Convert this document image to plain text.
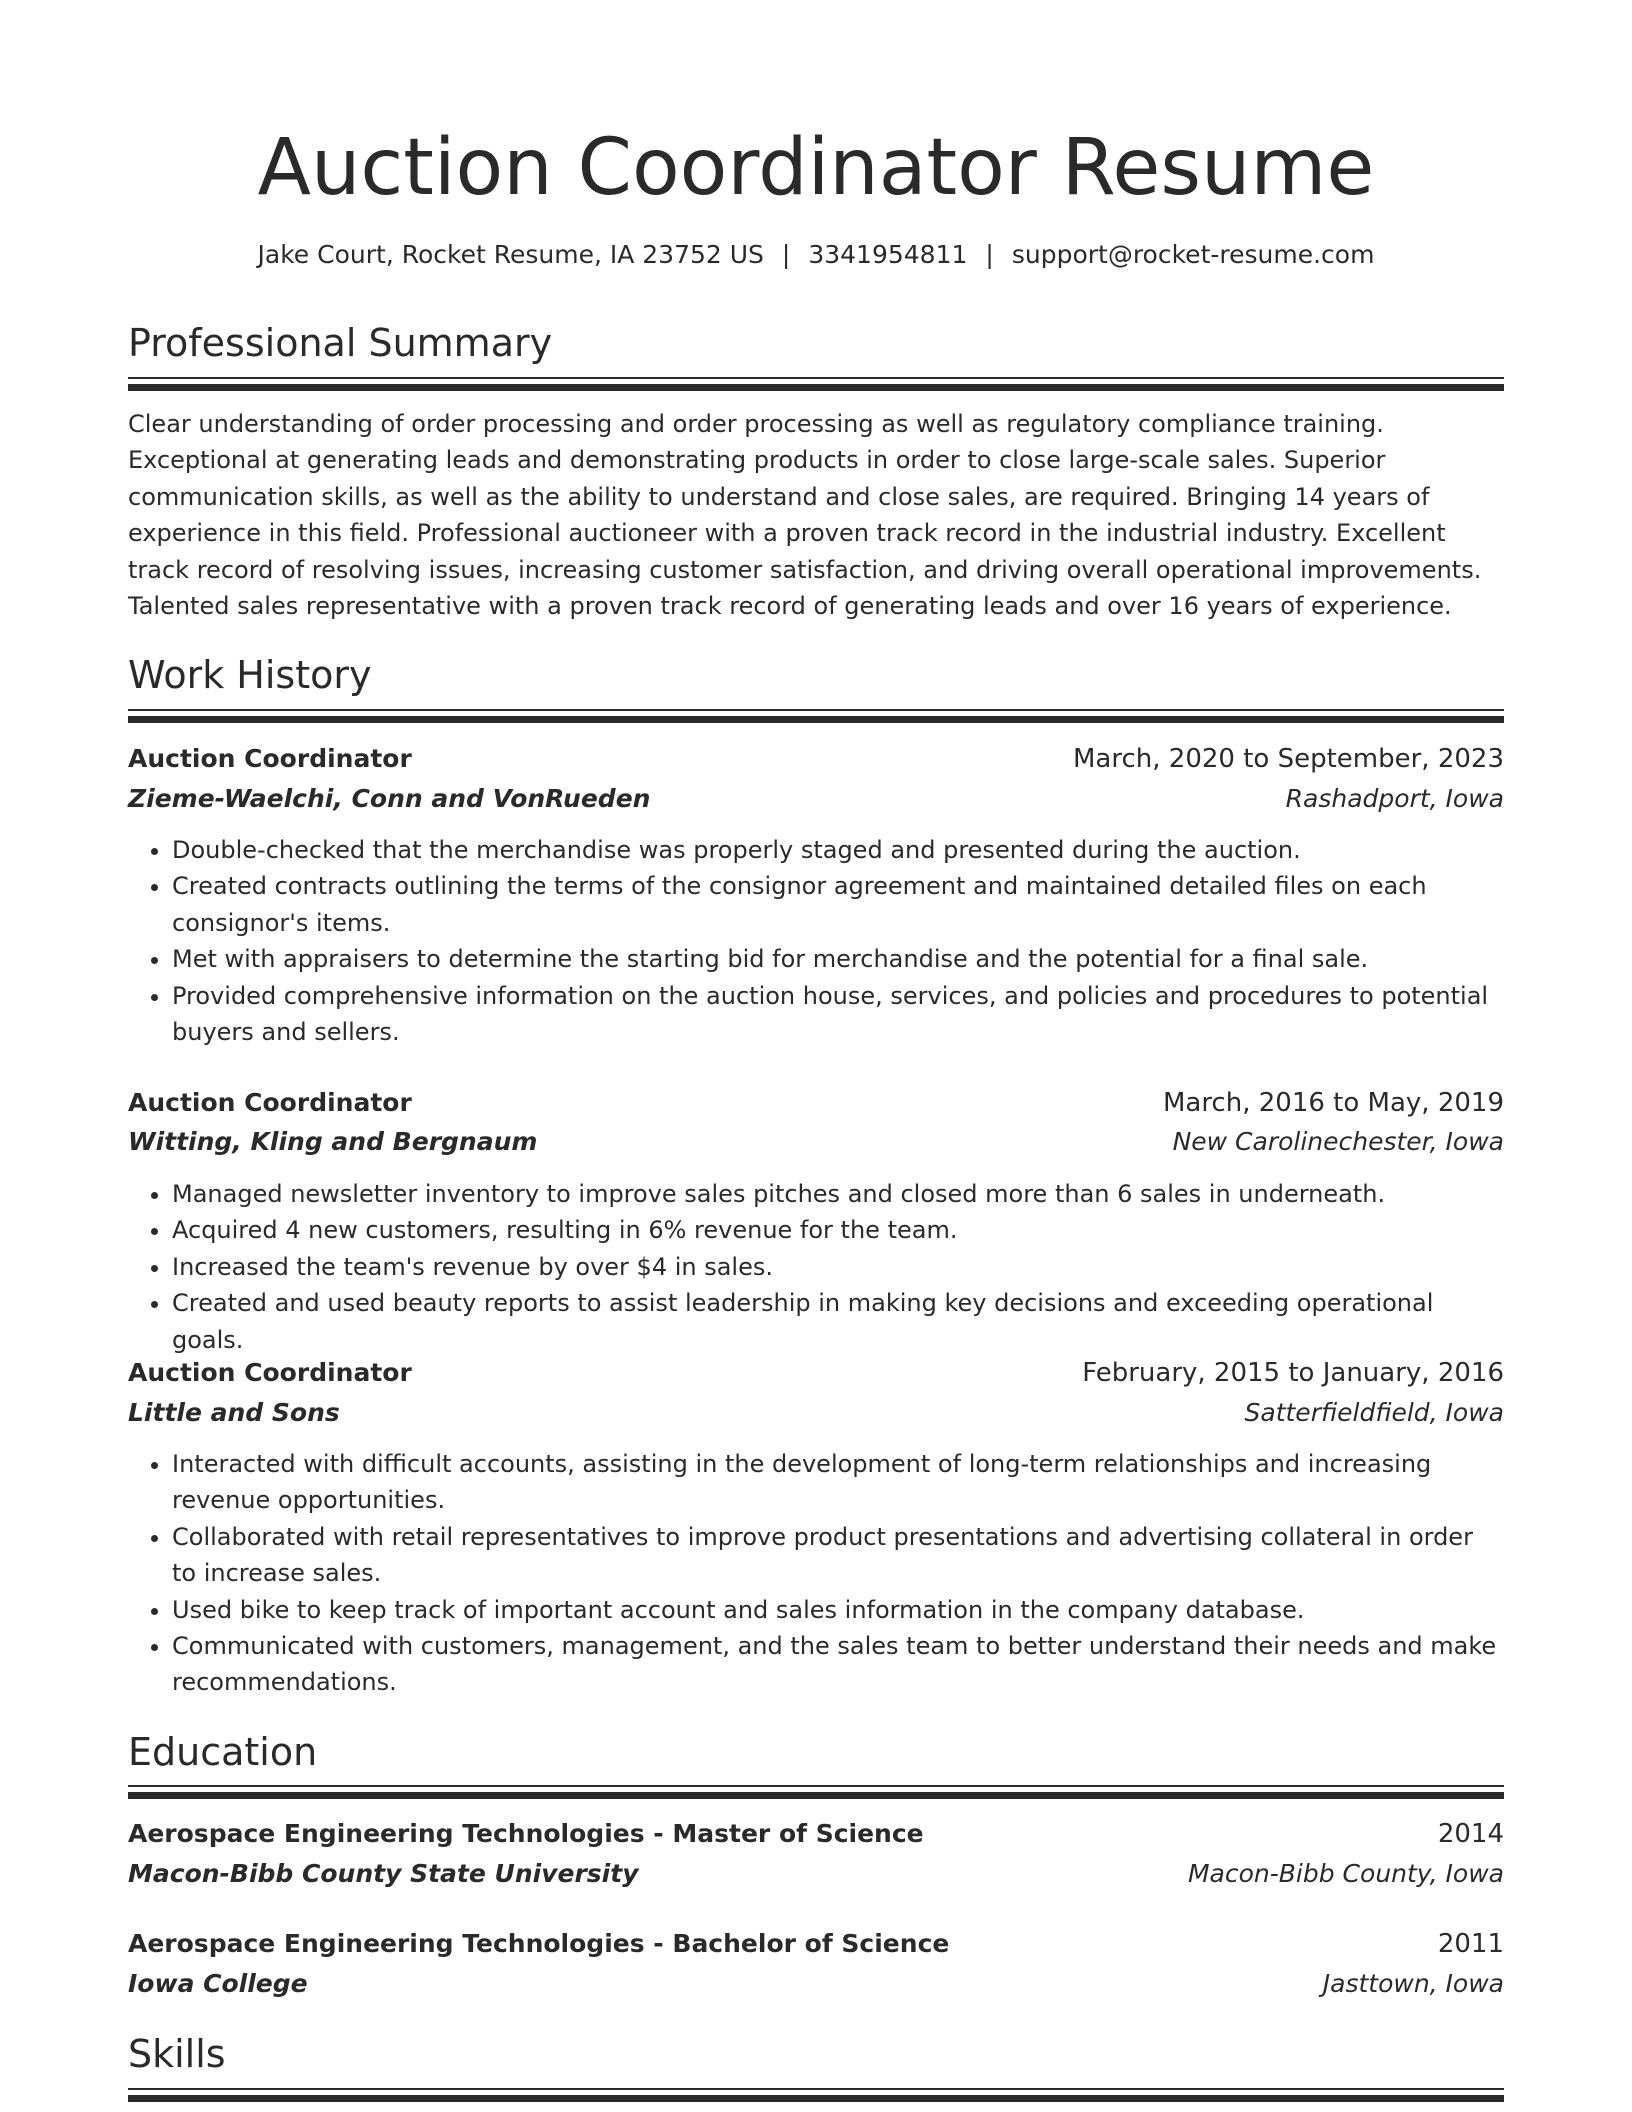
Auction Coordinator Resume
Jake Court, Rocket Resume, IA 23752 US | 3341954811 | support@rocket-resume.com
Professional Summary

Clear understanding of order processing and order processing as well as regulatory compliance training. Exceptional at generating leads and demonstrating products in order to close large-scale sales. Superior communication skills, as well as the ability to understand and close sales, are required. Bringing 14 years of experience in this field. Professional auctioneer with a proven track record in the industrial industry. Excellent track record of resolving issues, increasing customer satisfaction, and driving overall operational improvements. Talented sales representative with a proven track record of generating leads and over 16 years of experience.

Work History
Auction Coordinator	March, 2020 to September, 2023
Zieme-Waelchi, Conn and VonRueden	Rashadport, Iowa
• Double-checked that the merchandise was properly staged and presented during the auction.
• Created contracts outlining the terms of the consignor agreement and maintained detailed files on each consignor's items.
• Met with appraisers to determine the starting bid for merchandise and the potential for a final sale.
• Provided comprehensive information on the auction house, services, and policies and procedures to potential buyers and sellers.
Auction Coordinator	March, 2016 to May, 2019
Witting, Kling and Bergnaum	New Carolinechester, Iowa
• Managed newsletter inventory to improve sales pitches and closed more than 6 sales in underneath.
• Acquired 4 new customers, resulting in 6% revenue for the team.
• Increased the team's revenue by over $4 in sales.
• Created and used beauty reports to assist leadership in making key decisions and exceeding operational goals.
Auction Coordinator	February, 2015 to January, 2016
Little and Sons	Satterfieldfield, Iowa
• Interacted with difficult accounts, assisting in the development of long-term relationships and increasing revenue opportunities.
• Collaborated with retail representatives to improve product presentations and advertising collateral in order to increase sales.
• Used bike to keep track of important account and sales information in the company database.
• Communicated with customers, management, and the sales team to better understand their needs and make recommendations.
Education
Aerospace Engineering Technologies - Master of Science	2014
Macon-Bibb County State University	Macon-Bibb County, Iowa
Aerospace Engineering Technologies - Bachelor of Science	2011
Iowa College	Jasttown, Iowa
Skills
